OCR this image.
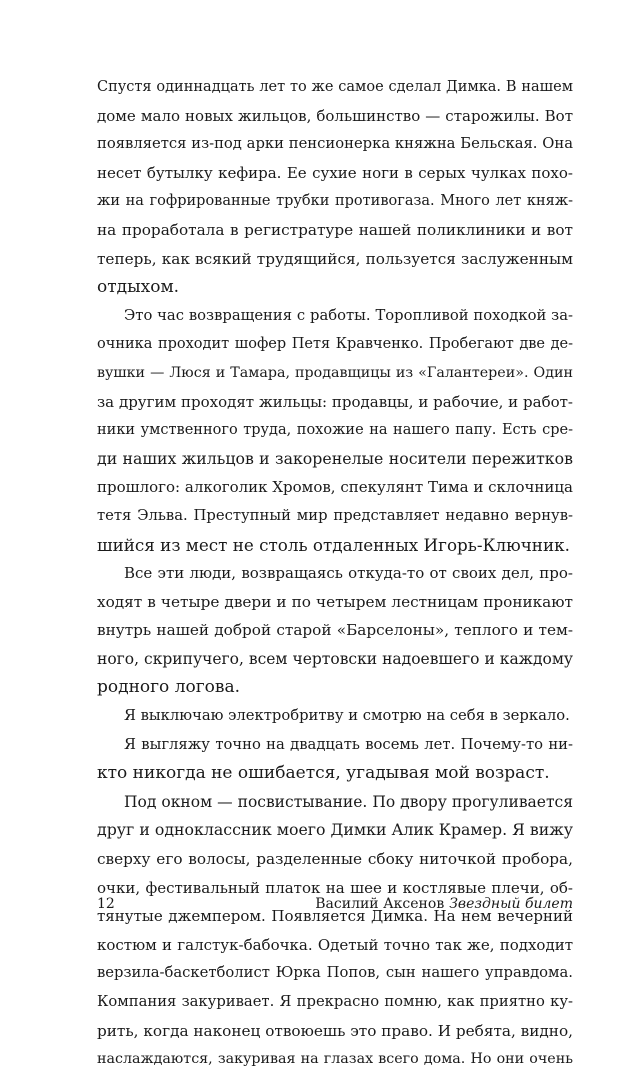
Спустя одиннадцать лет то же самое сделал Димка. В нашем
доме мало новых жильцов, большинство — старожилы. Вот
появляется из-под арки пенсионерка княжна Бельская. Она
несет бутылку кефира. Ее сухие ноги в серых чулках похо-
жи на гофрированные трубки противогаза. Много лет княж-
на проработала в регистратуре нашей поликлиники и вот
теперь, как всякий трудящийся, пользуется заслуженным
отдыхом.
Это час возвращения с работы. Торопливой походкой за-
очника проходит шофер Петя Кравченко. Пробегают две де-
вушки — Люся и Тамара, продавщицы из «Галантереи». Один
за другим проходят жильцы: продавцы, и рабочие, и работ-
ники умственного труда, похожие на нашего папу. Есть сре-
ди наших жильцов и закоренелые носители пережитков
прошлого: алкоголик Хромов, спекулянт Тима и склочница
тетя Эльва. Преступный мир представляет недавно вернув-
шийся из мест не столь отдаленных Игорь-Ключник.
Все эти люди, возвращаясь откуда-то от своих дел, про-
ходят в четыре двери и по четырем лестницам проникают
внутрь нашей доброй старой «Барселоны», теплого и тем-
ного, скрипучего, всем чертовски надоевшего и каждому
родного логова.
Я выключаю электробритву и смотрю на себя в зеркало.
Я выгляжу точно на двадцать восемь лет. Почему-то ни-
кто никогда не ошибается, угадывая мой возраст.
Под окном — посвистывание. По двору прогуливается
друг и одноклассник моего Димки Алик Крамер. Я вижу
сверху его волосы, разделенные сбоку ниточкой пробора,
очки, фестивальный платок на шее и костлявые плечи, об-
тянутые джемпером. Появляется Димка. На нем вечерний
костюм и галстук-бабочка. Одетый точно так же, подходит
верзила-баскетболист Юрка Попов, сын нашего управдома.
Компания закуривает. Я прекрасно помню, как приятно ку-
рить, когда наконец отвоюешь это право. И ребята, видно,
наслаждаются, закуривая на глазах всего дома. Но они очень
12	Василий Аксенов Звездный билет
